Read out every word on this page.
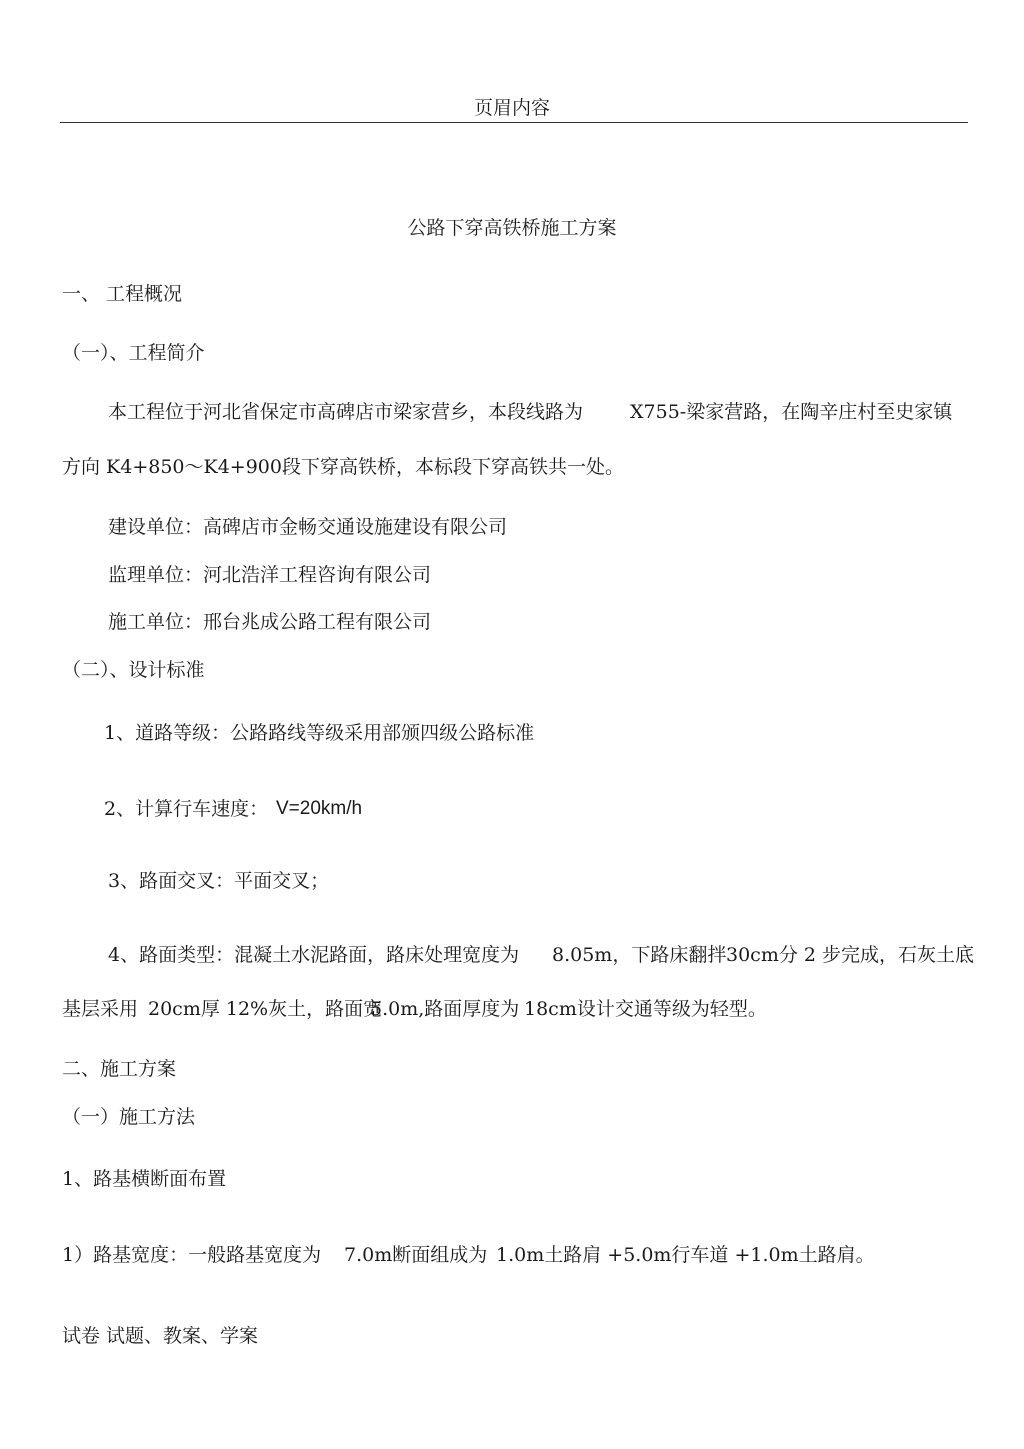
页眉内容
公路下穿高铁桥施工方案
一、 工程概况
（一）、工程简介
本工程位于河北省保定市高碑店市梁家营乡，本段线路为 X755-梁家营路，在陶辛庄村至史家镇
方向 K4+850～K4+900段下穿高铁桥，本标段下穿高铁共一处。
建设单位：高碑店市金畅交通设施建设有限公司
监理单位：河北浩洋工程咨询有限公司
施工单位：邢台兆成公路工程有限公司
（二）、设计标准
1、道路等级：公路路线等级采用部颁四级公路标准
2、计算行车速度： V=20km/h
3、路面交叉：平面交叉；
4、路面类型：混凝土水泥路面，路床处理宽度为 8.05m，下路床翻拌 30cm分 2 步完成，石灰土底
基层采用 20cm厚 12%灰土，路面宽
5.0m,路面厚度为 18cm设计交通等级为轻型。
二、施工方案
（一）施工方法
1、路基横断面布置
1）路基宽度：一般路基宽度为 7.0m断面组成为 1.0m土路肩 +5.0m行车道 +1.0m土路肩。
试卷 试题、教案、学案
